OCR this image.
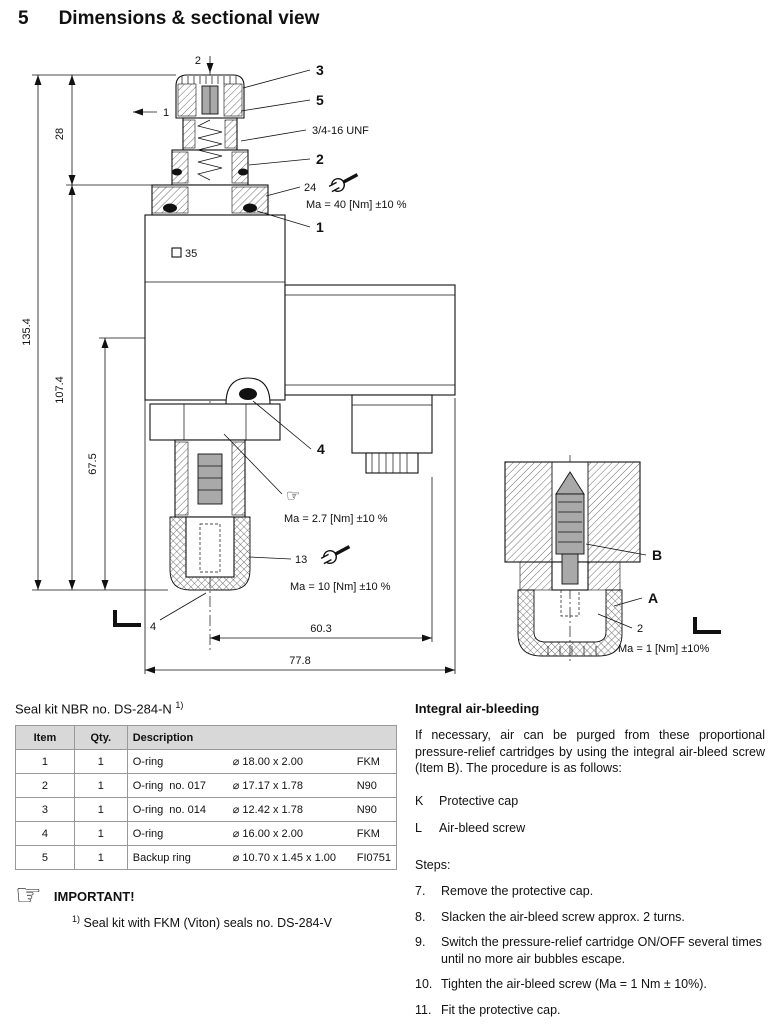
5 Dimensions & sectional view
35
2
1
3
5
3/4-16 UNF
2
24
Ma = 40 [Nm] ±10 %
1
4
☞
Ma = 2.7 [Nm] ±10 %
13
Ma = 10 [Nm] ±10 %
4
135.4
28
107.4
67.5
60.3
77.8
B
A
2
Ma = 1 [Nm] ±10%
Seal kit NBR no. DS-284-N $^{1)}$
Item	Qty.	Description
1	1	O-ring ⌀ 18.00 x 2.00 FKM

2	1	O-ring no. 017 ⌀ 17.17 x 1.78 N90

3	1	O-ring no. 014 ⌀ 12.42 x 1.78 N90

4	1	O-ring ⌀ 16.00 x 2.00 FKM

5	1	Backup ring ⌀ 10.70 x 1.45 x 1.00 FI0751
☞ IMPORTANT!
$^{1)}$ Seal kit with FKM (Viton) seals no. DS-284-V
Integral air-bleeding

If necessary, air can be purged from these proportional pressure-relief cartridges by using the integral air-bleed screw (Item B). The procedure is as follows:

K	Protective cap
L	Air-bleed screw
Steps:
7.	Remove the protective cap.
8.	Slacken the air-bleed screw approx. 2 turns.
9.	Switch the pressure-relief cartridge ON/OFF several times until no more air bubbles escape.
10. Tighten the air-bleed screw (Ma = 1 Nm ± 10%).
11. Fit the protective cap.
